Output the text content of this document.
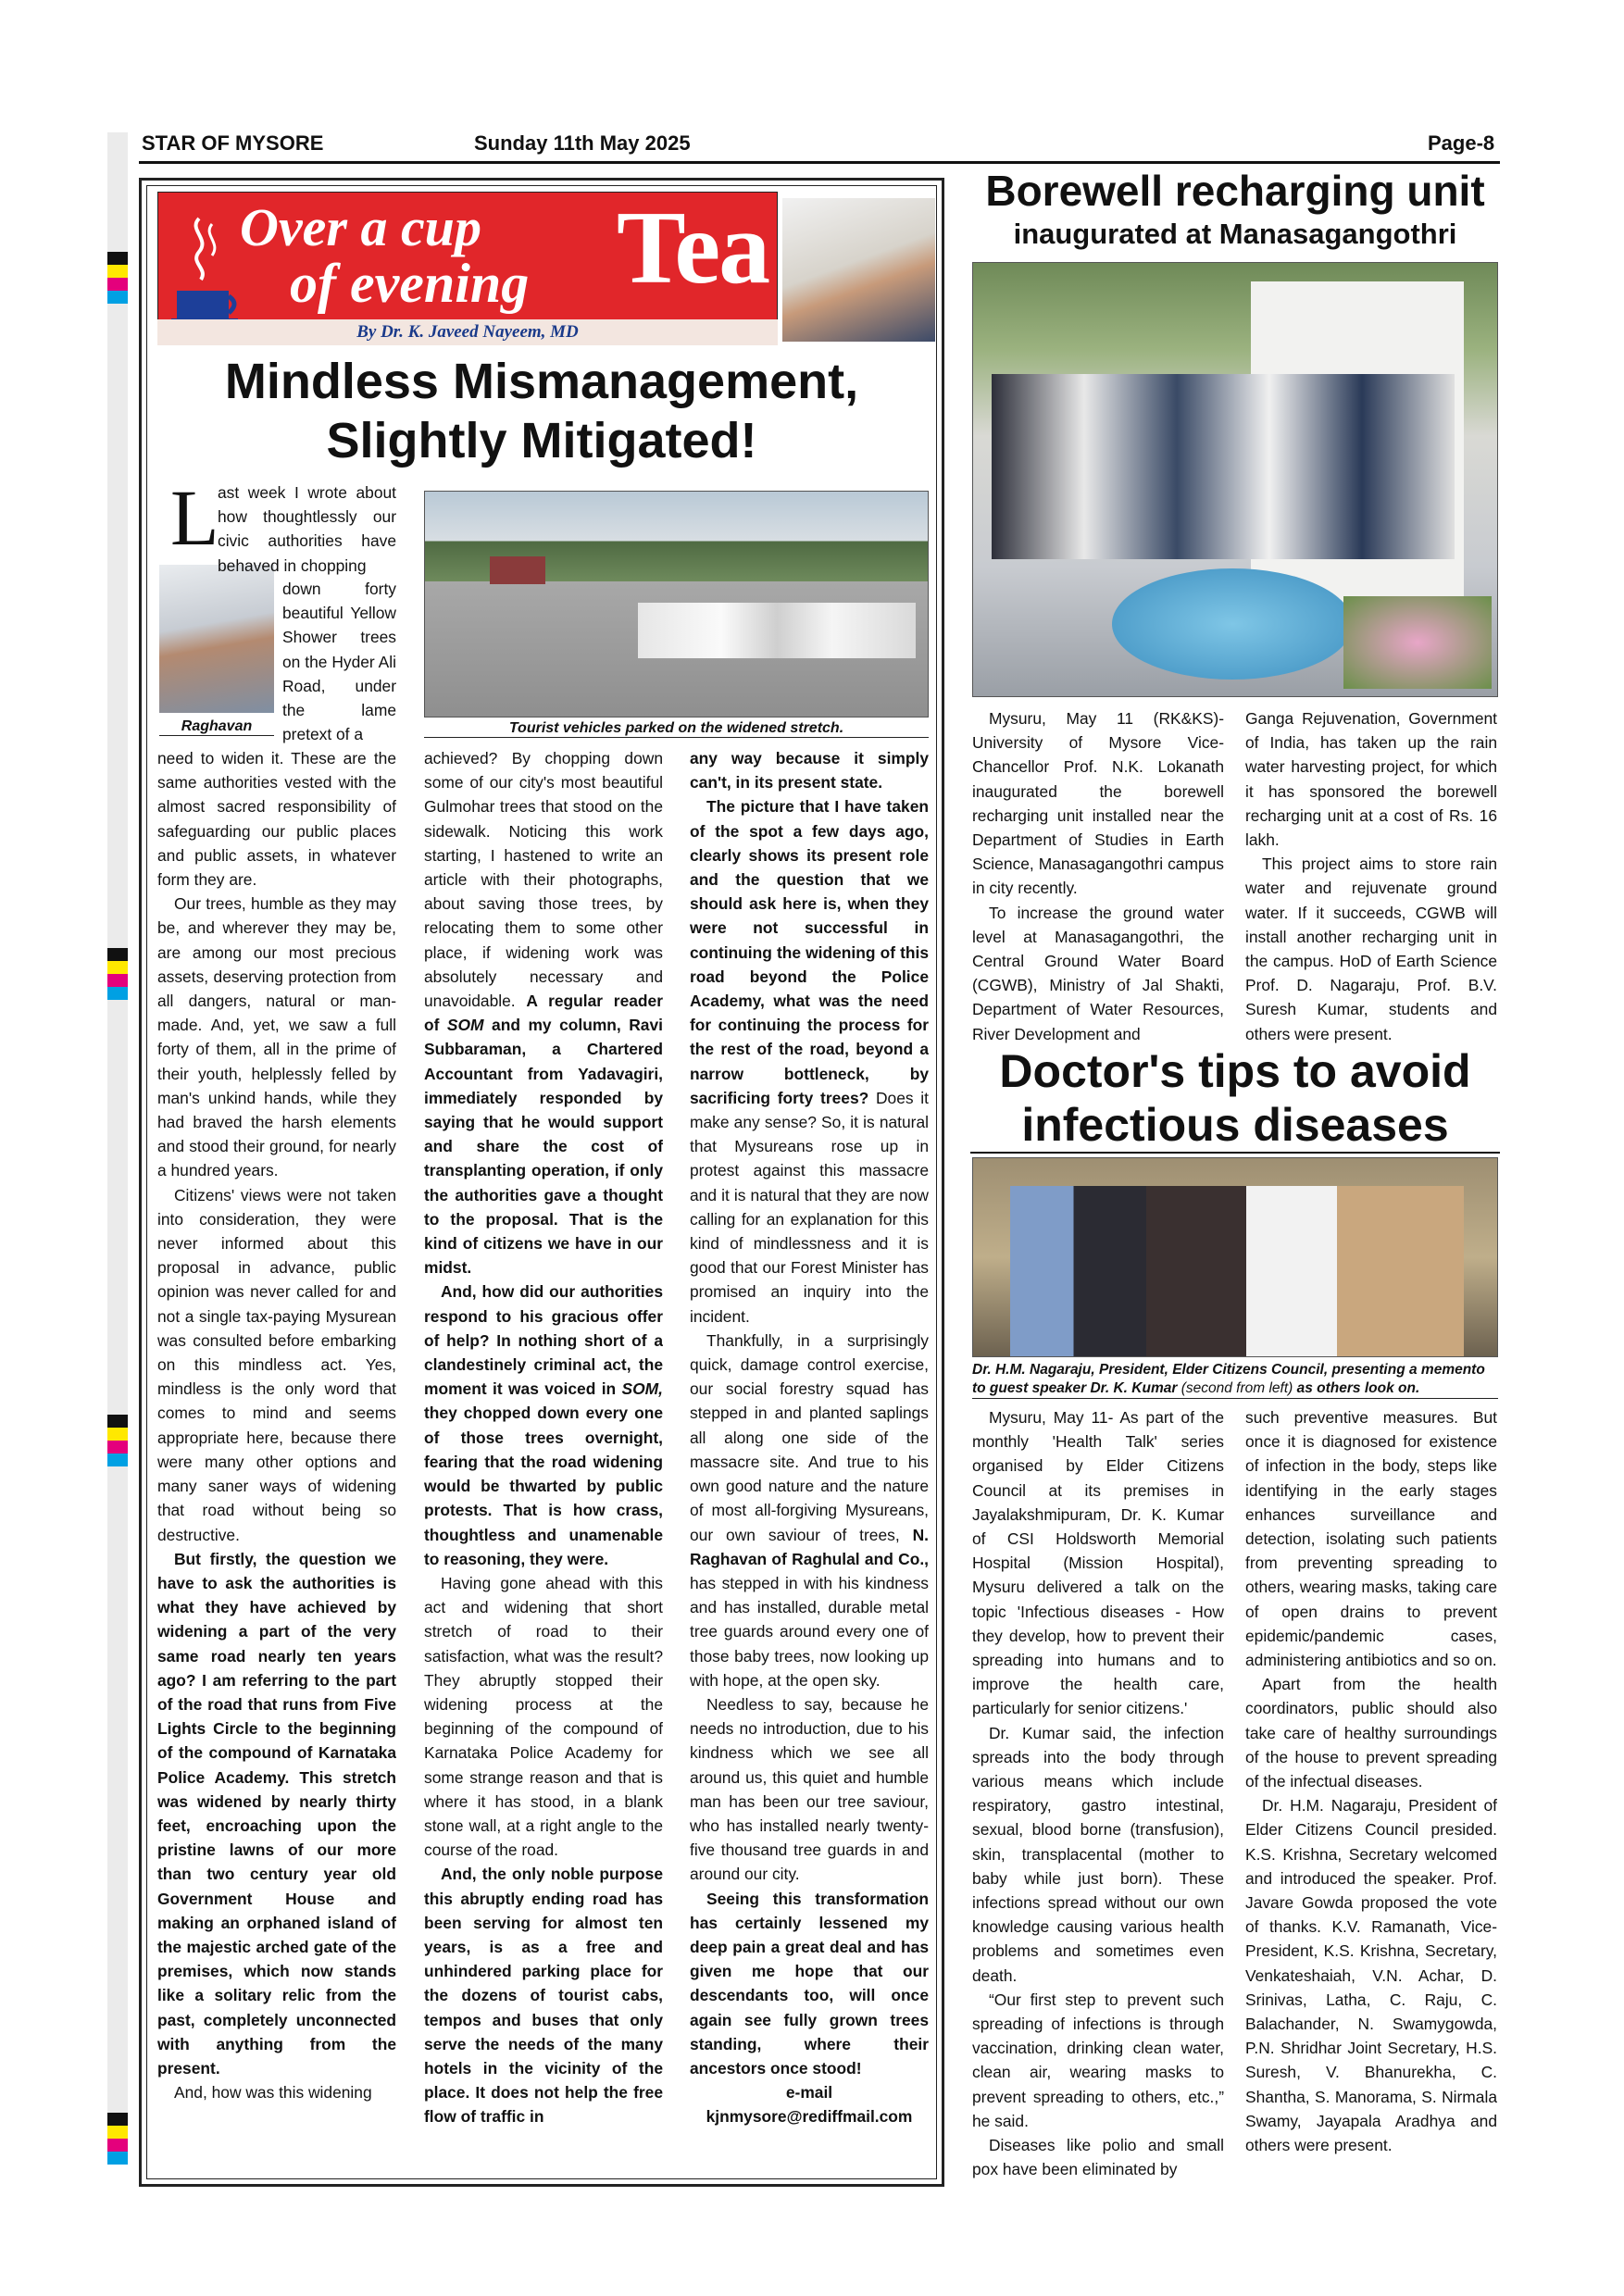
STAR OF MYSORE	Sunday 11th May 2025	Page-8
Over a cup
of evening Tea
By Dr. K. Javeed Nayeem, MD
Mindless Mismanagement,
Slightly Mitigated!
Raghavan	Tourist vehicles parked on the widened stretch.

L

ast week I wrote about how thoughtlessly our civic authorities have behaved in chopping

down forty beautiful Yellow Shower trees on the Hyder Ali Road, under the lame pretext of a

need to widen it. These are the same authorities vested with the almost sacred responsibility of safeguarding our public places and public assets, in whatever form they are.

Our trees, humble as they may be, and wherever they may be, are among our most precious assets, deserving protection from all dangers, natural or man-made. And, yet, we saw a full forty of them, all in the prime of their youth, helplessly felled by man's unkind hands, while they had braved the harsh elements and stood their ground, for nearly a hundred years.

Citizens' views were not taken into consideration, they were never informed about this proposal in advance, public opinion was never called for and not a single tax-paying Mysurean was consulted before embarking on this mindless act. Yes, mindless is the only word that comes to mind and seems appropriate here, because there were many other options and many saner ways of widening that road without being so destructive.

But firstly, the question we have to ask the authorities is what they have achieved by widening a part of the very same road nearly ten years ago? I am referring to the part of the road that runs from Five Lights Circle to the beginning of the compound of Karnataka Police Academy. This stretch was widened by nearly thirty feet, encroaching upon the pristine lawns of our more than two century year old Government House and making an orphaned island of the majestic arched gate of the premises, which now stands like a solitary relic from the past, completely unconnected with anything from the present.

And, how was this widening

achieved? By chopping down some of our city's most beautiful Gulmohar trees that stood on the sidewalk. Noticing this work starting, I hastened to write an article with their photographs, about saving those trees, by relocating them to some other place, if widening work was absolutely necessary and unavoidable. A regular reader of SOM and my column, Ravi Subbaraman, a Chartered Accountant from Yadavagiri, immediately responded by saying that he would support and share the cost of transplanting operation, if only the authorities gave a thought to the proposal. That is the kind of citizens we have in our midst.

And, how did our authorities respond to his gracious offer of help? In nothing short of a clandestinely criminal act, the moment it was voiced in SOM, they chopped down every one of those trees overnight, fearing that the road widening would be thwarted by public protests. That is how crass, thoughtless and unamenable to reasoning, they were.

Having gone ahead with this act and widening that short stretch of road to their satisfaction, what was the result? They abruptly stopped their widening process at the beginning of the compound of Karnataka Police Academy for some strange reason and that is where it has stood, in a blank stone wall, at a right angle to the course of the road.

And, the only noble purpose this abruptly ending road has been serving for almost ten years, is as a free and unhindered parking place for the dozens of tourist cabs, tempos and buses that only serve the needs of the many hotels in the vicinity of the place. It does not help the free flow of traffic in

any way because it simply can't, in its present state.

The picture that I have taken of the spot a few days ago, clearly shows its present role and the question that we should ask here is, when they were not successful in continuing the widening of this road beyond the Police Academy, what was the need for continuing the process for the rest of the road, beyond a narrow bottleneck, by sacrificing forty trees? Does it make any sense? So, it is natural that Mysureans rose up in protest against this massacre and it is natural that they are now calling for an explanation for this kind of mindlessness and it is good that our Forest Minister has promised an inquiry into the incident.

Thankfully, in a surprisingly quick, damage control exercise, our social forestry squad has stepped in and planted saplings all along one side of the massacre site. And true to his own good nature and the nature of most all-forgiving Mysureans, our own saviour of trees, N. Raghavan of Raghulal and Co., has stepped in with his kindness and has installed, durable metal tree guards around every one of those baby trees, now looking up with hope, at the open sky.

Needless to say, because he needs no introduction, due to his kindness which we see all around us, this quiet and humble man has been our tree saviour, who has installed nearly twenty-five thousand tree guards in and around our city.

Seeing this transformation has certainly lessened my deep pain a great deal and has given me hope that our descendants too, will once again see fully grown trees standing, where their ancestors once stood!

e-mail

kjnmysore@rediffmail.com

Borewell recharging unit
inaugurated at Manasagangothri

Mysuru, May 11 (RK&KS)- University of Mysore Vice-Chancellor Prof. N.K. Lokanath inaugurated the borewell recharging unit installed near the Department of Studies in Earth Science, Manasagangothri campus in city recently.

To increase the ground water level at Manasagangothri, the Central Ground Water Board (CGWB), Ministry of Jal Shakti, Department of Water Resources, River Development and

Ganga Rejuvenation, Government of India, has taken up the rain water harvesting project, for which it has sponsored the borewell recharging unit at a cost of Rs. 16 lakh.

This project aims to store rain water and rejuvenate ground water. If it succeeds, CGWB will install another recharging unit in the campus. HoD of Earth Science Prof. D. Nagaraju, Prof. B.V. Suresh Kumar, students and others were present.

Doctor's tips to avoid
infectious diseases
Dr. H.M. Nagaraju, President, Elder Citizens Council, presenting a memento to guest speaker Dr. K. Kumar (second from left) as others look on.

Mysuru, May 11- As part of the monthly 'Health Talk' series organised by Elder Citizens Council at its premises in Jayalakshmipuram, Dr. K. Kumar of CSI Holdsworth Memorial Hospital (Mission Hospital), Mysuru delivered a talk on the topic 'Infectious diseases - How they develop, how to prevent their spreading into humans and to improve the health care, particularly for senior citizens.'

Dr. Kumar said, the infection spreads into the body through various means which include respiratory, gastro intestinal, sexual, blood borne (transfusion), skin, transplacental (mother to baby while just born). These infections spread without our own knowledge causing various health problems and sometimes even death.

“Our first step to prevent such spreading of infections is through vaccination, drinking clean water, clean air, wearing masks to prevent spreading to others, etc.,” he said.

Diseases like polio and small pox have been eliminated by

such preventive measures. But once it is diagnosed for existence of infection in the body, steps like identifying in the early stages enhances surveillance and detection, isolating such patients from preventing spreading to others, wearing masks, taking care of open drains to prevent epidemic/pandemic cases, administering antibiotics and so on.

Apart from the health coordinators, public should also take care of healthy surroundings of the house to prevent spreading of the infectual diseases.

Dr. H.M. Nagaraju, President of Elder Citizens Council presided. K.S. Krishna, Secretary welcomed and introduced the speaker. Prof. Javare Gowda proposed the vote of thanks. K.V. Ramanath, Vice-President, K.S. Krishna, Secretary, Venkateshaiah, V.N. Achar, D. Srinivas, Latha, C. Raju, C. Balachander, N. Swamygowda, P.N. Shridhar Joint Secretary, H.S. Suresh, V. Bhanurekha, C. Shantha, S. Manorama, S. Nirmala Swamy, Jayapala Aradhya and others were present.
